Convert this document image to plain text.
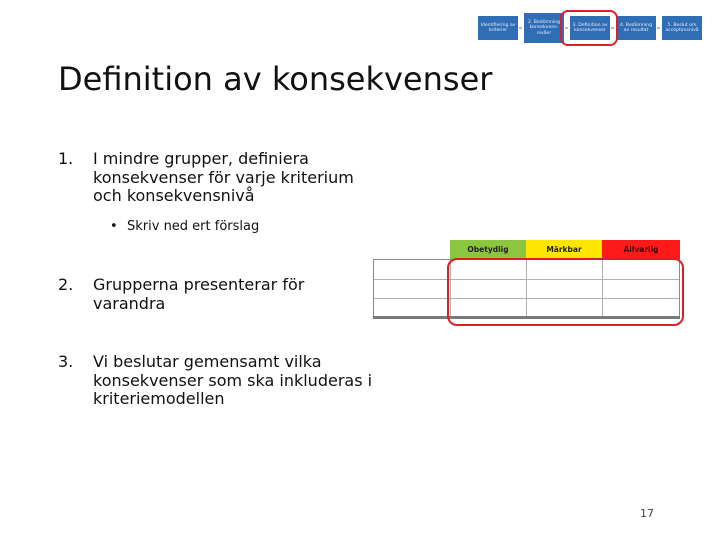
Identifiering av kriterier
2. Bedömning konsekvens-nivåer
3. Definition av konsekvenser
4. Bedömning av resultat
5. Beslut om acceptansnivå
Definition av konsekvenser
1. I mindre grupper, definiera konsekvenser för varje kriterium och konsekvensnivå
• Skriv ned ert förslag
2. Grupperna presenterar för varandra
3. Vi beslutar gemensamt vilka konsekvenser som ska inkluderas i kriteriemodellen
Obetydlig	Märkbar	Allvarlig
17
